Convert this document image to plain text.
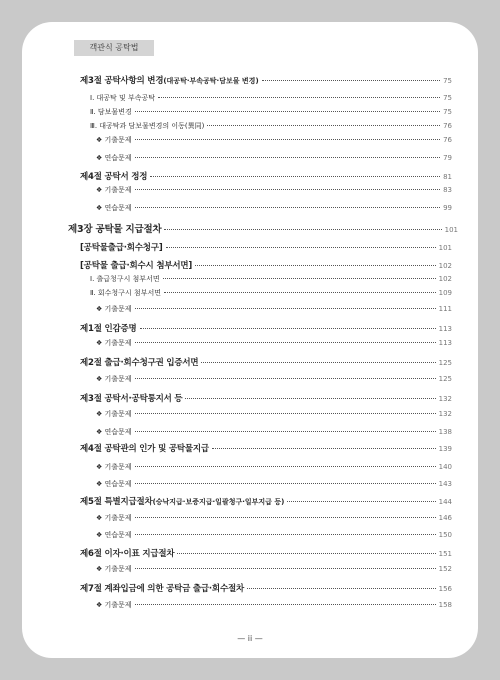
객관식 공탁법
제3절 공탁사항의 변경 (대공탁·부속공탁·담보물 변경)	75
Ⅰ. 대공탁 및 부속공탁	75
Ⅱ. 담보물변경	75
Ⅲ. 대공탁과 담보물변경의 이동(異同)	76
❖ 기출문제	76
❖ 연습문제	79
제4절 공탁서 정정	81
❖ 기출문제	83
❖ 연습문제	99
제3장 공탁물 지급절차	101
[공탁물출급·회수청구]	101
[공탁물 출급·회수시 첨부서면]	102
Ⅰ. 출급청구시 첨부서면	102
Ⅱ. 회수청구시 첨부서면	109
❖ 기출문제	111
제1절 인감증명	113
❖ 기출문제	113
제2절 출급·회수청구권 입증서면	125
❖ 기출문제	125
제3절 공탁서·공탁통지서 등	132
❖ 기출문제	132
❖ 연습문제	138
제4절 공탁관의 인가 및 공탁물지급	139
❖ 기출문제	140
❖ 연습문제	143
제5절 특별지급절차 (승낙지급·보증지급·일괄청구·일부지급 등)	144
❖ 기출문제	146
❖ 연습문제	150
제6절 이자·이표 지급절차	151
❖ 기출문제	152
제7절 계좌입금에 의한 공탁금 출급·회수절차	156
❖ 기출문제	158
— ii —
